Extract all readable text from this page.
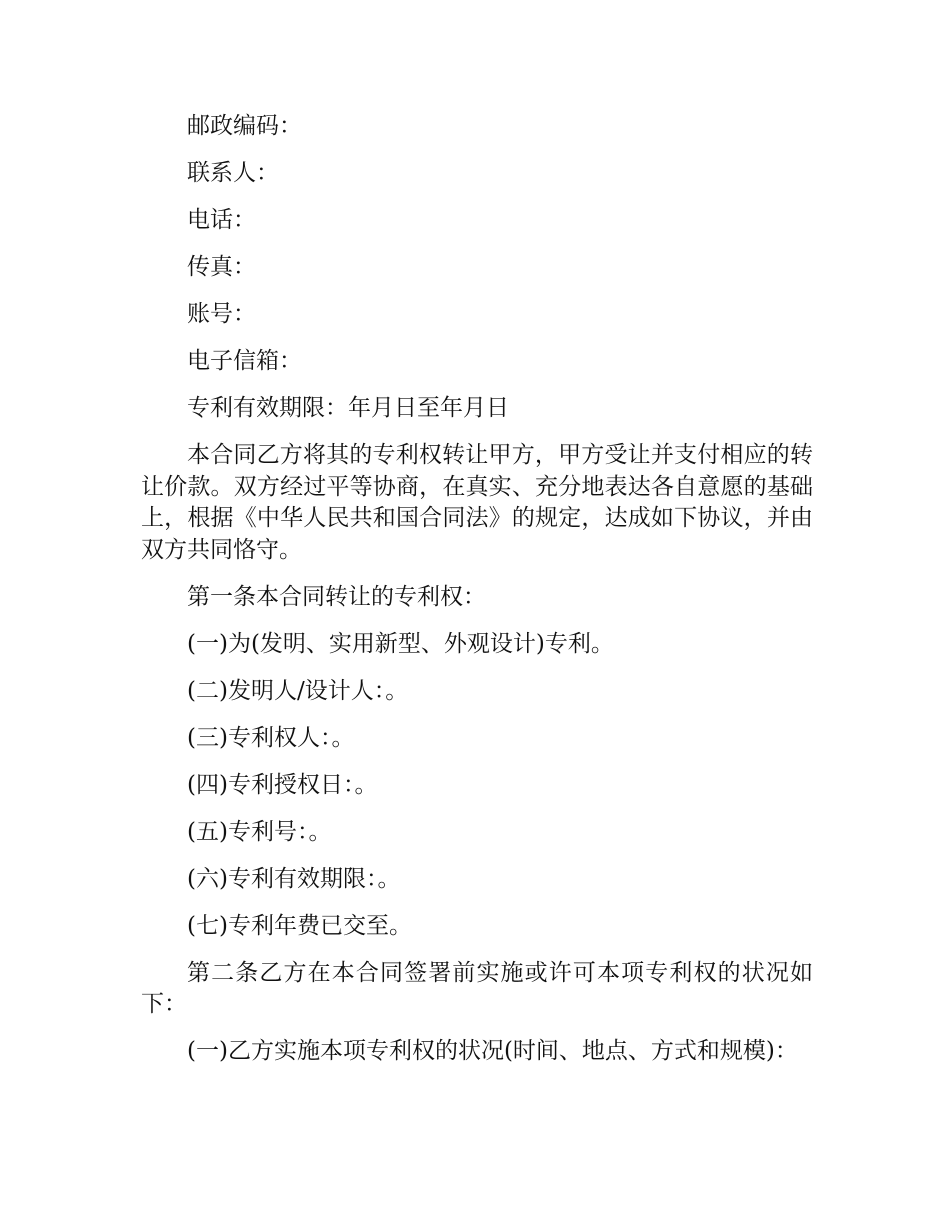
邮政编码：

联系人：

电话：

传真：

账号：

电子信箱：

专利有效期限：年月日至年月日

本合同乙方将其的专利权转让甲方，甲方受让并支付相应的转让价款。双方经过平等协商，在真实、充分地表达各自意愿的基础上，根据《中华人民共和国合同法》的规定，达成如下协议，并由双方共同恪守。

第一条本合同转让的专利权：

(一)为(发明、实用新型、外观设计)专利。

(二)发明人/设计人：。

(三)专利权人：。

(四)专利授权日：。

(五)专利号：。

(六)专利有效期限：。

(七)专利年费已交至。

第二条乙方在本合同签署前实施或许可本项专利权的状况如下：

(一)乙方实施本项专利权的状况(时间、地点、方式和规模)：
